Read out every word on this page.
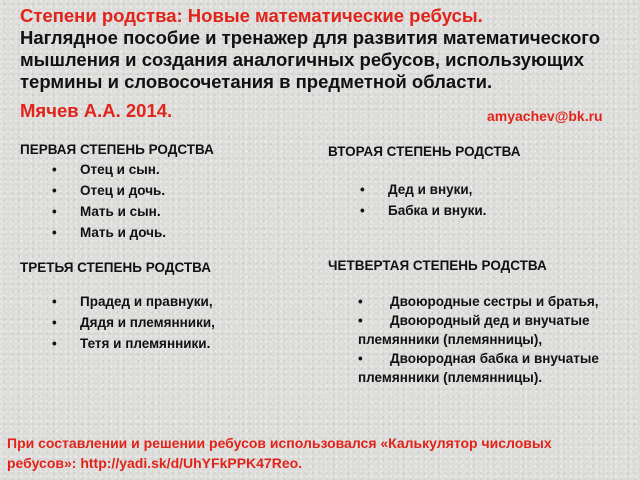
Степени родства: Новые математические ребусы.
Наглядное пособие и тренажер для развития математического
мышления и создания аналогичных ребусов, использующих
термины и словосочетания в предметной области.
Мячев А.А. 2014.	amyachev@bk.ru
ПЕРВАЯ СТЕПЕНЬ РОДСТВА
• Отец и сын.
• Отец и дочь.
• Мать и сын.
• Мать и дочь.
ВТОРАЯ СТЕПЕНЬ РОДСТВА
• Дед и внуки,
• Бабка и внуки.
ТРЕТЬЯ СТЕПЕНЬ РОДСТВА
• Прадед и правнуки,
• Дядя и племянники,
• Тетя и племянники.
ЧЕТВЕРТАЯ СТЕПЕНЬ РОДСТВА
• Двоюродные сестры и братья,
• Двоюродный дед и внучатые племянники (племянницы),
• Двоюродная бабка и внучатые племянники (племянницы).
При составлении и решении ребусов использовался «Калькулятор числовых
ребусов»: http://yadi.sk/d/UhYFkPPK47Reo.
